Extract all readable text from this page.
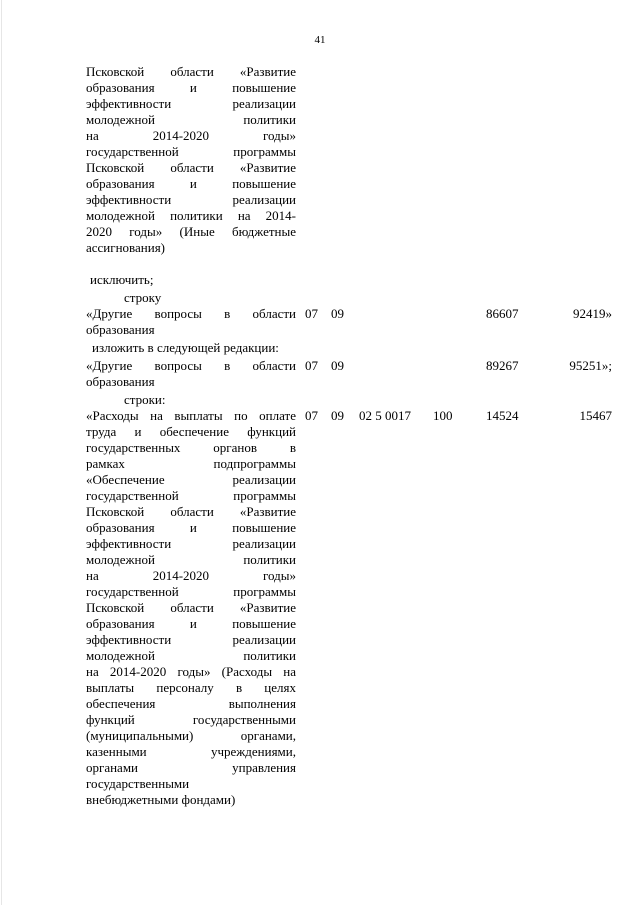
41
Псковской области «Развитие
образования и повышение
эффективности реализации
молодежной политики
на 2014-2020 годы»
государственной программы
Псковской области «Развитие
образования и повышение
эффективности реализации
молодежной политики на 2014-
2020 годы» (Иные бюджетные
ассигнования)
исключить;
строку
«Другие вопросы в области
образования
07 09	86607	92419»
изложить в следующей редакции:
«Другие вопросы в области
образования
07 09	89267	95251»;
строки:
«Расходы на выплаты по оплате
труда и обеспечение функций
государственных органов в
рамках подпрограммы
«Обеспечение реализации
государственной программы
Псковской области «Развитие
образования и повышение
эффективности реализации
молодежной политики
на 2014-2020 годы»
государственной программы
Псковской области «Развитие
образования и повышение
эффективности реализации
молодежной политики
на 2014-2020 годы» (Расходы на
выплаты персоналу в целях
обеспечения выполнения
функций государственными
(муниципальными) органами,
казенными учреждениями,
органами управления
государственными
внебюджетными фондами)
07 09 02 5 0017 100	14524	15467
